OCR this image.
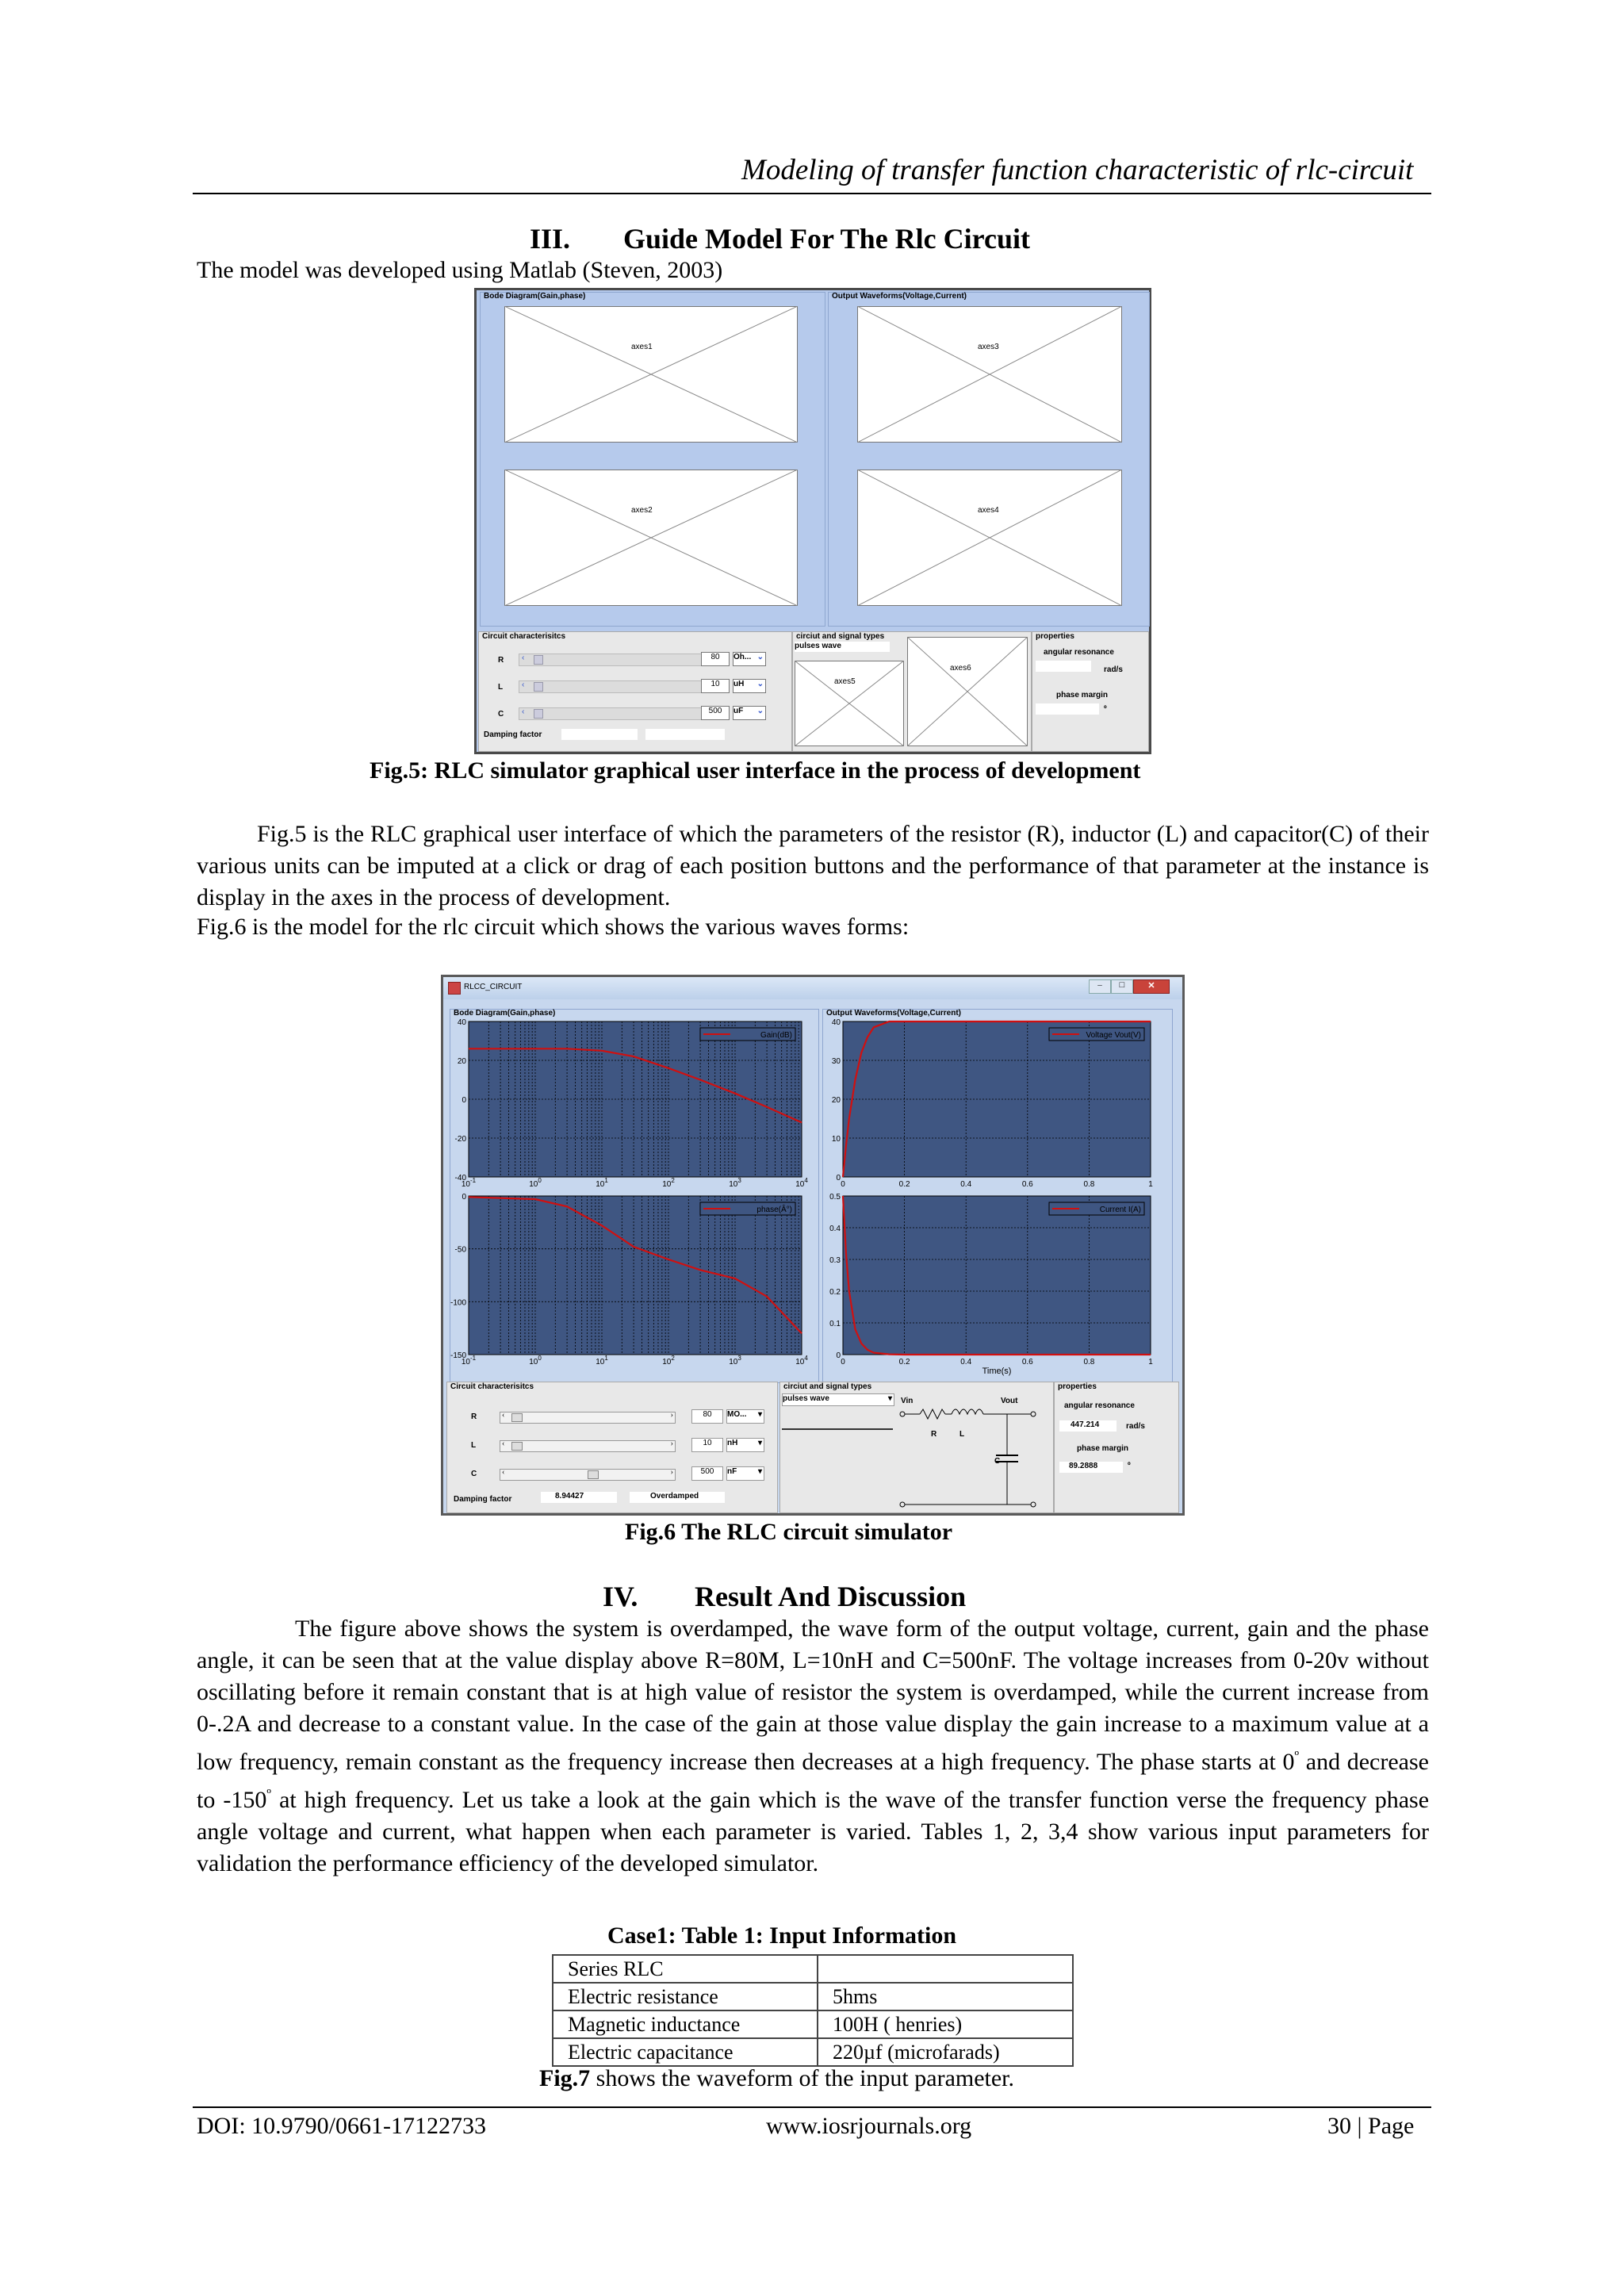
Modeling of transfer function characteristic of rlc-circuit
III. Guide Model For The Rlc Circuit
The model was developed using Matlab (Steven, 2003)
Bode Diagram(Gain,phase)	Output Waveforms(Voltage,Current)
axes1
axes2
axes3
axes4
Circuit characterisitcs
R ‹	80	Oh... ⌄
L ‹	10	uH ⌄
C ‹	500	uF ⌄
Damping factor
circiut and signal types
pulses wave
axes5
axes6
properties
angular resonance
rad/s
phase margin
º
Fig.5: RLC simulator graphical user interface in the process of development
Fig.5 is the RLC graphical user interface of which the parameters of the resistor (R), inductor (L) and capacitor(C) of their various units can be imputed at a click or drag of each position buttons and the performance of that parameter at the instance is display in the axes in the process of development.
Fig.6 is the model for the rlc circuit which shows the various waves forms:
RLCC_CIRCUIT	–	□	✕
Bode Diagram(Gain,phase)	Output Waveforms(Voltage,Current)
40
20
0
-20
-40
$10^{-1}$	$10^0$	$10^1$	$10^2$	$10^3$	$10^4$
Gain(dB)
0
-50
-100
-150
$10^{-1}$	$10^0$	$10^1$	$10^2$	$10^3$	$10^4$
phase(Â°)
40
30
20
10
0
0	0.2	0.4	0.6	0.8	1
Voltage Vout(V)
0.5
0.4
0.3
0.2
0.1
0
0	0.2	0.4	0.6	0.8	1
Time(s)
Current I(A)
Circuit characterisitcs
R	‹	›	80	MO... ▾
L	‹	›	10	nH	▾
C	‹	›	500	nF	▾
Damping factor	8.94427	Overdamped
circiut and signal types
pulses wave	▾ Vin	Vout
R	L
C
properties
angular resonance
447.214	rad/s
phase margin
89.2888	º
Fig.6 The RLC circuit simulator
IV. Result And Discussion
The figure above shows the system is overdamped, the wave form of the output voltage, current, gain and the phase angle, it can be seen that at the value display above R=80M, L=10nH and C=500nF. The voltage increases from 0-20v without oscillating before it remain constant that is at high value of resistor the system is overdamped, while the current increase from 0-.2A and decrease to a constant value. In the case of the gain at those value display the gain increase to a maximum value at a low frequency, remain constant as the frequency increase then decreases at a high frequency. The phase starts at $0^º$ and decrease to $-150^º$ at high frequency. Let us take a look at the gain which is the wave of the transfer function verse the frequency phase angle voltage and current, what happen when each parameter is varied. Tables 1, 2, 3,4 show various input parameters for validation the performance efficiency of the developed simulator.
Case1: Table 1: Input Information
Series RLC	
Electric resistance	5hms
Magnetic inductance	100H ( henries)
Electric capacitance	220µf (microfarads)
Fig.7 shows the waveform of the input parameter.
DOI: 10.9790/0661-17122733	www.iosrjournals.org	30 | Page
